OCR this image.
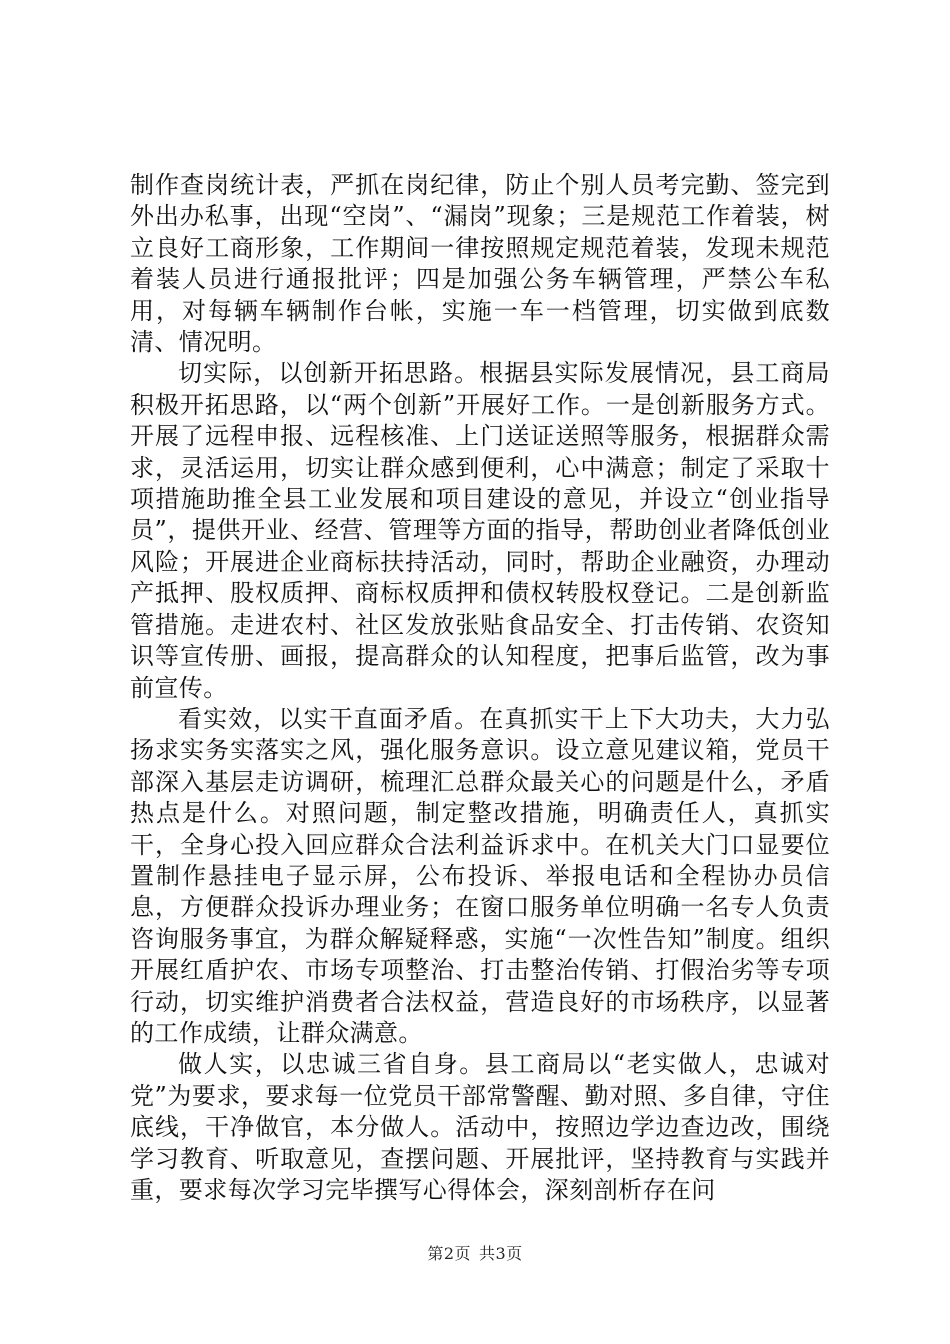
制作查岗统计表，严抓在岗纪律，防止个别人员考完勤、签完到外出办私事，出现“空岗”、“漏岗”现象；三是规范工作着装，树立良好工商形象，工作期间一律按照规定规范着装，发现未规范着装人员进行通报批评；四是加强公务车辆管理，严禁公车私用，对每辆车辆制作台帐，实施一车一档管理，切实做到底数清、情况明。

切实际，以创新开拓思路。根据县实际发展情况，县工商局积极开拓思路，以“两个创新”开展好工作。一是创新服务方式。开展了远程申报、远程核准、上门送证送照等服务，根据群众需求，灵活运用，切实让群众感到便利，心中满意；制定了采取十项措施助推全县工业发展和项目建设的意见，并设立“创业指导员”，提供开业、经营、管理等方面的指导，帮助创业者降低创业风险；开展进企业商标扶持活动，同时，帮助企业融资，办理动产抵押、股权质押、商标权质押和债权转股权登记。二是创新监管措施。走进农村、社区发放张贴食品安全、打击传销、农资知识等宣传册、画报，提高群众的认知程度，把事后监管，改为事前宣传。

看实效，以实干直面矛盾。在真抓实干上下大功夫，大力弘扬求实务实落实之风，强化服务意识。设立意见建议箱，党员干部深入基层走访调研，梳理汇总群众最关心的问题是什么，矛盾热点是什么。对照问题，制定整改措施，明确责任人，真抓实干，全身心投入回应群众合法利益诉求中。在机关大门口显要位置制作悬挂电子显示屏，公布投诉、举报电话和全程协办员信息，方便群众投诉办理业务；在窗口服务单位明确一名专人负责咨询服务事宜，为群众解疑释惑，实施“一次性告知”制度。组织开展红盾护农、市场专项整治、打击整治传销、打假治劣等专项行动，切实维护消费者合法权益，营造良好的市场秩序，以显著的工作成绩，让群众满意。

做人实，以忠诚三省自身。县工商局以“老实做人，忠诚对党”为要求，要求每一位党员干部常警醒、勤对照、多自律，守住底线，干净做官，本分做人。活动中，按照边学边查边改，围绕学习教育、听取意见，查摆问题、开展批评，坚持教育与实践并重，要求每次学习完毕撰写心得体会，深刻剖析存在问

第2页 共3页
